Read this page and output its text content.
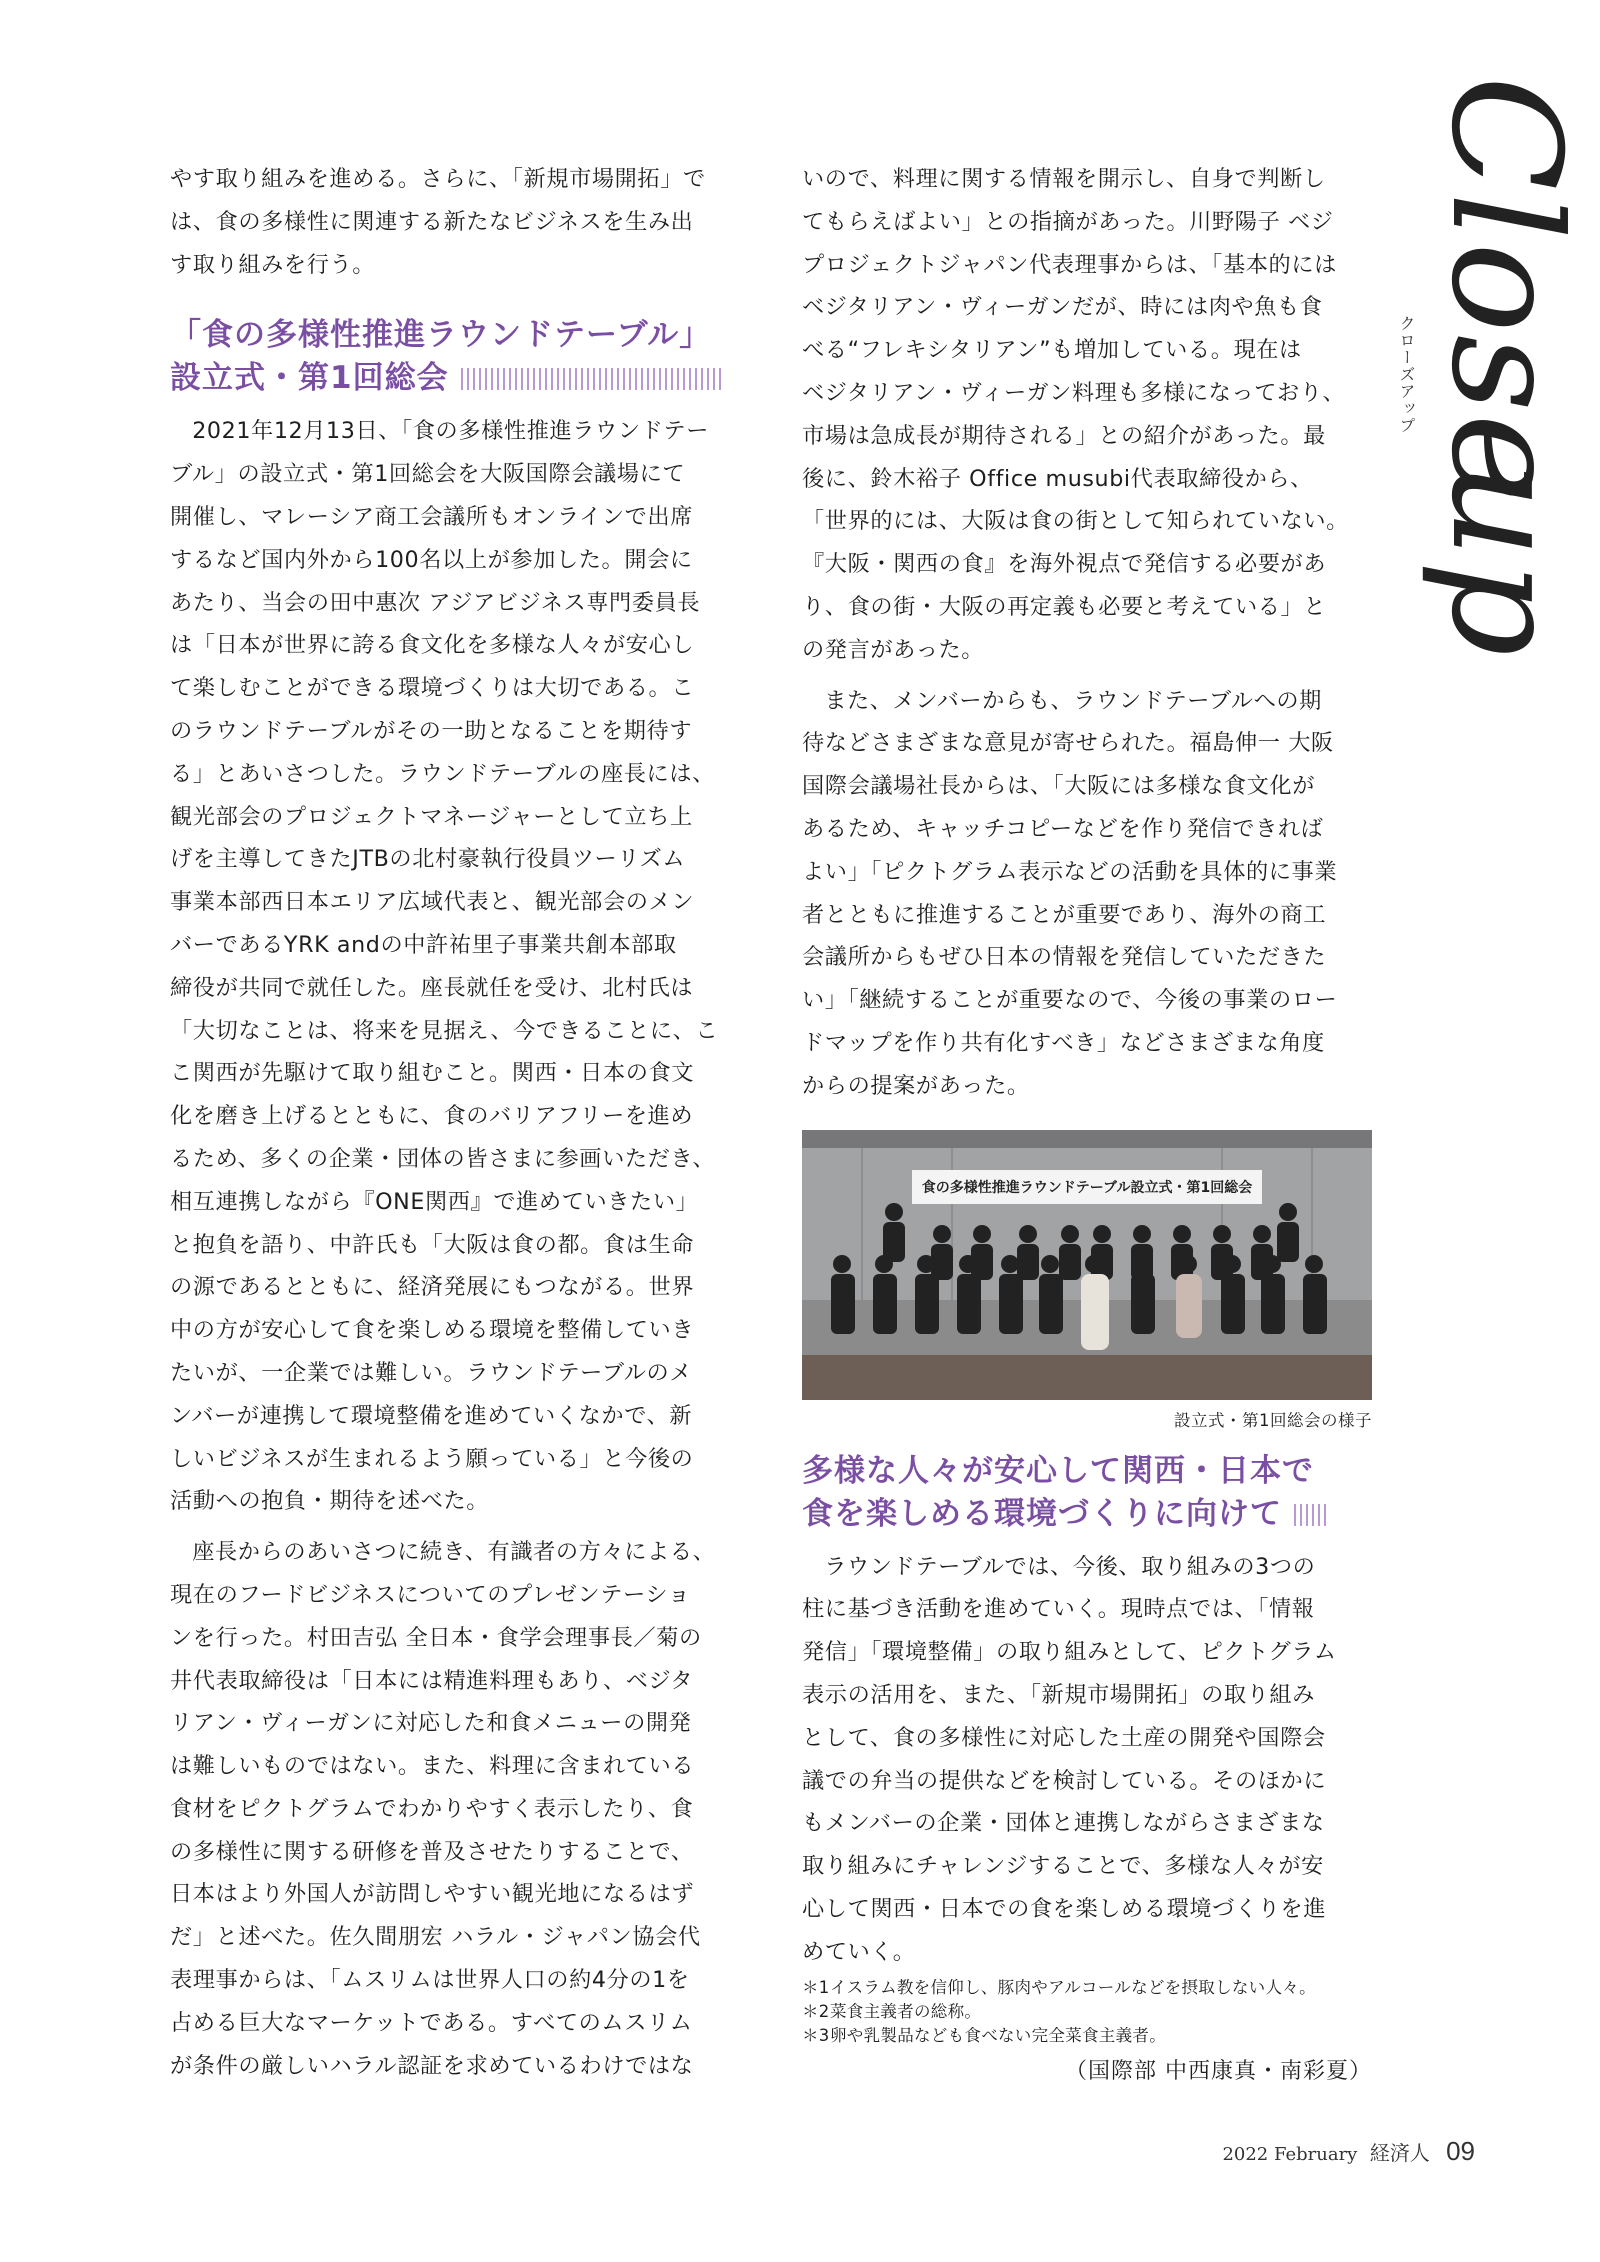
Close
up
クローズアップ

やす取り組みを進める。さらに、「新規市場開拓」で
は、食の多様性に関連する新たなビジネスを生み出
す取り組みを行う。

「食の多様性推進ラウンドテーブル」
設立式・第1回総会

2021年12月13日、「食の多様性推進ラウンドテー
ブル」の設立式・第1回総会を大阪国際会議場にて
開催し、マレーシア商工会議所もオンラインで出席
するなど国内外から100名以上が参加した。開会に
あたり、当会の田中惠次 アジアビジネス専門委員長
は「日本が世界に誇る食文化を多様な人々が安心し
て楽しむことができる環境づくりは大切である。こ
のラウンドテーブルがその一助となることを期待す
る」とあいさつした。ラウンドテーブルの座長には、
観光部会のプロジェクトマネージャーとして立ち上
げを主導してきたJTBの北村豪執行役員ツーリズム
事業本部西日本エリア広域代表と、観光部会のメン
バーであるYRK andの中許祐里子事業共創本部取
締役が共同で就任した。座長就任を受け、北村氏は
「大切なことは、将来を見据え、今できることに、こ
こ関西が先駆けて取り組むこと。関西・日本の食文
化を磨き上げるとともに、食のバリアフリーを進め
るため、多くの企業・団体の皆さまに参画いただき、
相互連携しながら『ONE関西』で進めていきたい」
と抱負を語り、中許氏も「大阪は食の都。食は生命
の源であるとともに、経済発展にもつながる。世界
中の方が安心して食を楽しめる環境を整備していき
たいが、一企業では難しい。ラウンドテーブルのメ
ンバーが連携して環境整備を進めていくなかで、新
しいビジネスが生まれるよう願っている」と今後の
活動への抱負・期待を述べた。

座長からのあいさつに続き、有識者の方々による、
現在のフードビジネスについてのプレゼンテーショ
ンを行った。村田吉弘 全日本・食学会理事長／菊の
井代表取締役は「日本には精進料理もあり、ベジタ
リアン・ヴィーガンに対応した和食メニューの開発
は難しいものではない。また、料理に含まれている
食材をピクトグラムでわかりやすく表示したり、食
の多様性に関する研修を普及させたりすることで、
日本はより外国人が訪問しやすい観光地になるはず
だ」と述べた。佐久間朋宏 ハラル・ジャパン協会代
表理事からは、「ムスリムは世界人口の約4分の1を
占める巨大なマーケットである。すべてのムスリム
が条件の厳しいハラル認証を求めているわけではな

いので、料理に関する情報を開示し、自身で判断し
てもらえばよい」との指摘があった。川野陽子 ベジ
プロジェクトジャパン代表理事からは、「基本的には
ベジタリアン・ヴィーガンだが、時には肉や魚も食
べる“フレキシタリアン”も増加している。現在は
ベジタリアン・ヴィーガン料理も多様になっており、
市場は急成長が期待される」との紹介があった。最
後に、鈴木裕子 Office musubi代表取締役から、
「世界的には、大阪は食の街として知られていない。
『大阪・関西の食』を海外視点で発信する必要があ
り、食の街・大阪の再定義も必要と考えている」と
の発言があった。

また、メンバーからも、ラウンドテーブルへの期
待などさまざまな意見が寄せられた。福島伸一 大阪
国際会議場社長からは、「大阪には多様な食文化が
あるため、キャッチコピーなどを作り発信できれば
よい」「ピクトグラム表示などの活動を具体的に事業
者とともに推進することが重要であり、海外の商工
会議所からもぜひ日本の情報を発信していただきた
い」「継続することが重要なので、今後の事業のロー
ドマップを作り共有化すべき」などさまざまな角度
からの提案があった。

食の多様性推進ラウンドテーブル設立式・第1回総会
設立式・第1回総会の様子
多様な人々が安心して関西・日本で
食を楽しめる環境づくりに向けて

ラウンドテーブルでは、今後、取り組みの3つの
柱に基づき活動を進めていく。現時点では、「情報
発信」「環境整備」の取り組みとして、ピクトグラム
表示の活用を、また、「新規市場開拓」の取り組み
として、食の多様性に対応した土産の開発や国際会
議での弁当の提供などを検討している。そのほかに
もメンバーの企業・団体と連携しながらさまざまな
取り組みにチャレンジすることで、多様な人々が安
心して関西・日本での食を楽しめる環境づくりを進
めていく。

＊1イスラム教を信仰し、豚肉やアルコールなどを摂取しない人々。
＊2菜食主義者の総称。
＊3卵や乳製品なども食べない完全菜食主義者。
（国際部 中西康真・南彩夏）
2022 February 経済人 09
